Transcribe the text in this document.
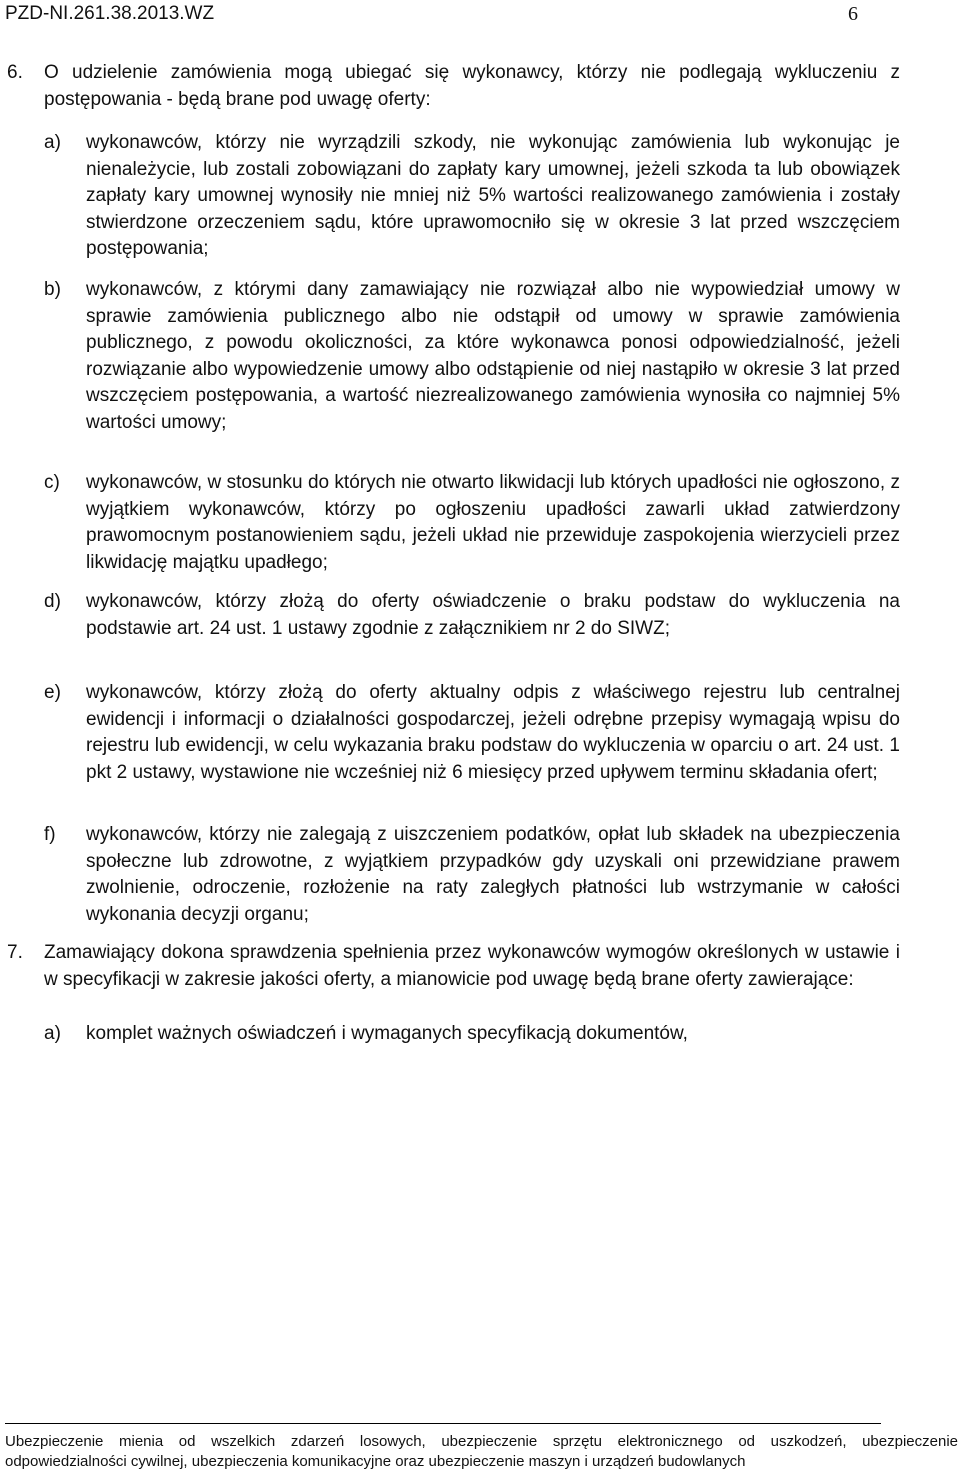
PZD-NI.261.38.2013.WZ	6
6. O udzielenie zamówienia mogą ubiegać się wykonawcy, którzy nie podlegają wykluczeniu z postępowania - będą brane pod uwagę oferty:

a) wykonawców, którzy nie wyrządzili szkody, nie wykonując zamówienia lub wykonując je nienależycie, lub zostali zobowiązani do zapłaty kary umownej, jeżeli szkoda ta lub obowiązek zapłaty kary umownej wynosiły nie mniej niż 5% wartości realizowanego zamówienia i zostały stwierdzone orzeczeniem sądu, które uprawomocniło się w okresie 3 lat przed wszczęciem postępowania;

b) wykonawców, z którymi dany zamawiający nie rozwiązał albo nie wypowiedział umowy w sprawie zamówienia publicznego albo nie odstąpił od umowy w sprawie zamówienia publicznego, z powodu okoliczności, za które wykonawca ponosi odpowiedzialność, jeżeli rozwiązanie albo wypowiedzenie umowy albo odstąpienie od niej nastąpiło w okresie 3 lat przed wszczęciem postępowania, a wartość niezrealizowanego zamówienia wynosiła co najmniej 5% wartości umowy;

c) wykonawców, w stosunku do których nie otwarto likwidacji lub których upadłości nie ogłoszono, z wyjątkiem wykonawców, którzy po ogłoszeniu upadłości zawarli układ zatwierdzony prawomocnym postanowieniem sądu, jeżeli układ nie przewiduje zaspokojenia wierzycieli przez likwidację majątku upadłego;

d) wykonawców, którzy złożą do oferty oświadczenie o braku podstaw do wykluczenia na podstawie art. 24 ust. 1 ustawy zgodnie z załącznikiem nr 2 do SIWZ;

e) wykonawców, którzy złożą do oferty aktualny odpis z właściwego rejestru lub centralnej ewidencji i informacji o działalności gospodarczej, jeżeli odrębne przepisy wymagają wpisu do rejestru lub ewidencji, w celu wykazania braku podstaw do wykluczenia w oparciu o art. 24 ust. 1 pkt 2 ustawy, wystawione nie wcześniej niż 6 miesięcy przed upływem terminu składania ofert;

f) wykonawców, którzy nie zalegają z uiszczeniem podatków, opłat lub składek na ubezpieczenia społeczne lub zdrowotne, z wyjątkiem przypadków gdy uzyskali oni przewidziane prawem zwolnienie, odroczenie, rozłożenie na raty zaległych płatności lub wstrzymanie w całości wykonania decyzji organu;

7. Zamawiający dokona sprawdzenia spełnienia przez wykonawców wymogów określonych w ustawie i w specyfikacji w zakresie jakości oferty, a mianowicie pod uwagę będą brane oferty zawierające:

a) komplet ważnych oświadczeń i wymaganych specyfikacją dokumentów,

Ubezpieczenie mienia od wszelkich zdarzeń losowych, ubezpieczenie sprzętu elektronicznego od uszkodzeń, ubezpieczenie odpowiedzialności cywilnej, ubezpieczenia komunikacyjne oraz ubezpieczenie maszyn i urządzeń budowlanych
